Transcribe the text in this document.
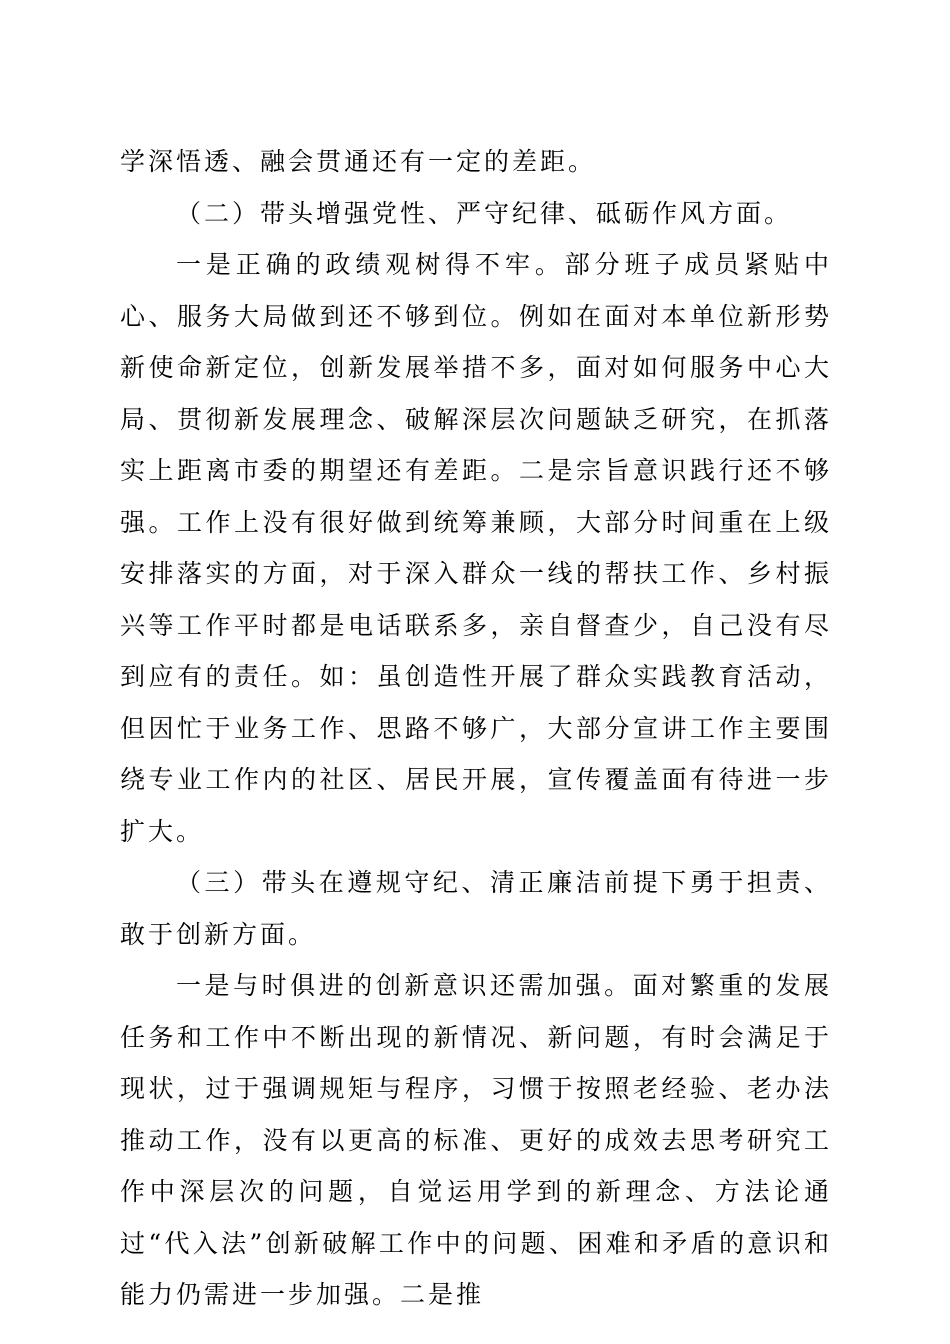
学深悟透、融会贯通还有一定的差距。

（二）带头增强党性、严守纪律、砥砺作风方面。

一是正确的政绩观树得不牢。部分班子成员紧贴中心、服务大局做到还不够到位。例如在面对本单位新形势新使命新定位，创新发展举措不多，面对如何服务中心大局、贯彻新发展理念、破解深层次问题缺乏研究，在抓落实上距离市委的期望还有差距。二是宗旨意识践行还不够强。工作上没有很好做到统筹兼顾，大部分时间重在上级安排落实的方面，对于深入群众一线的帮扶工作、乡村振兴等工作平时都是电话联系多，亲自督查少，自己没有尽到应有的责任。如：虽创造性开展了群众实践教育活动，但因忙于业务工作、思路不够广，大部分宣讲工作主要围绕专业工作内的社区、居民开展，宣传覆盖面有待进一步扩大。

（三）带头在遵规守纪、清正廉洁前提下勇于担责、敢于创新方面。

一是与时俱进的创新意识还需加强。面对繁重的发展任务和工作中不断出现的新情况、新问题，有时会满足于现状，过于强调规矩与程序，习惯于按照老经验、老办法推动工作，没有以更高的标准、更好的成效去思考研究工作中深层次的问题，自觉运用学到的新理念、方法论通过“代入法”创新破解工作中的问题、困难和矛盾的意识和能力仍需进一步加强。二是推
